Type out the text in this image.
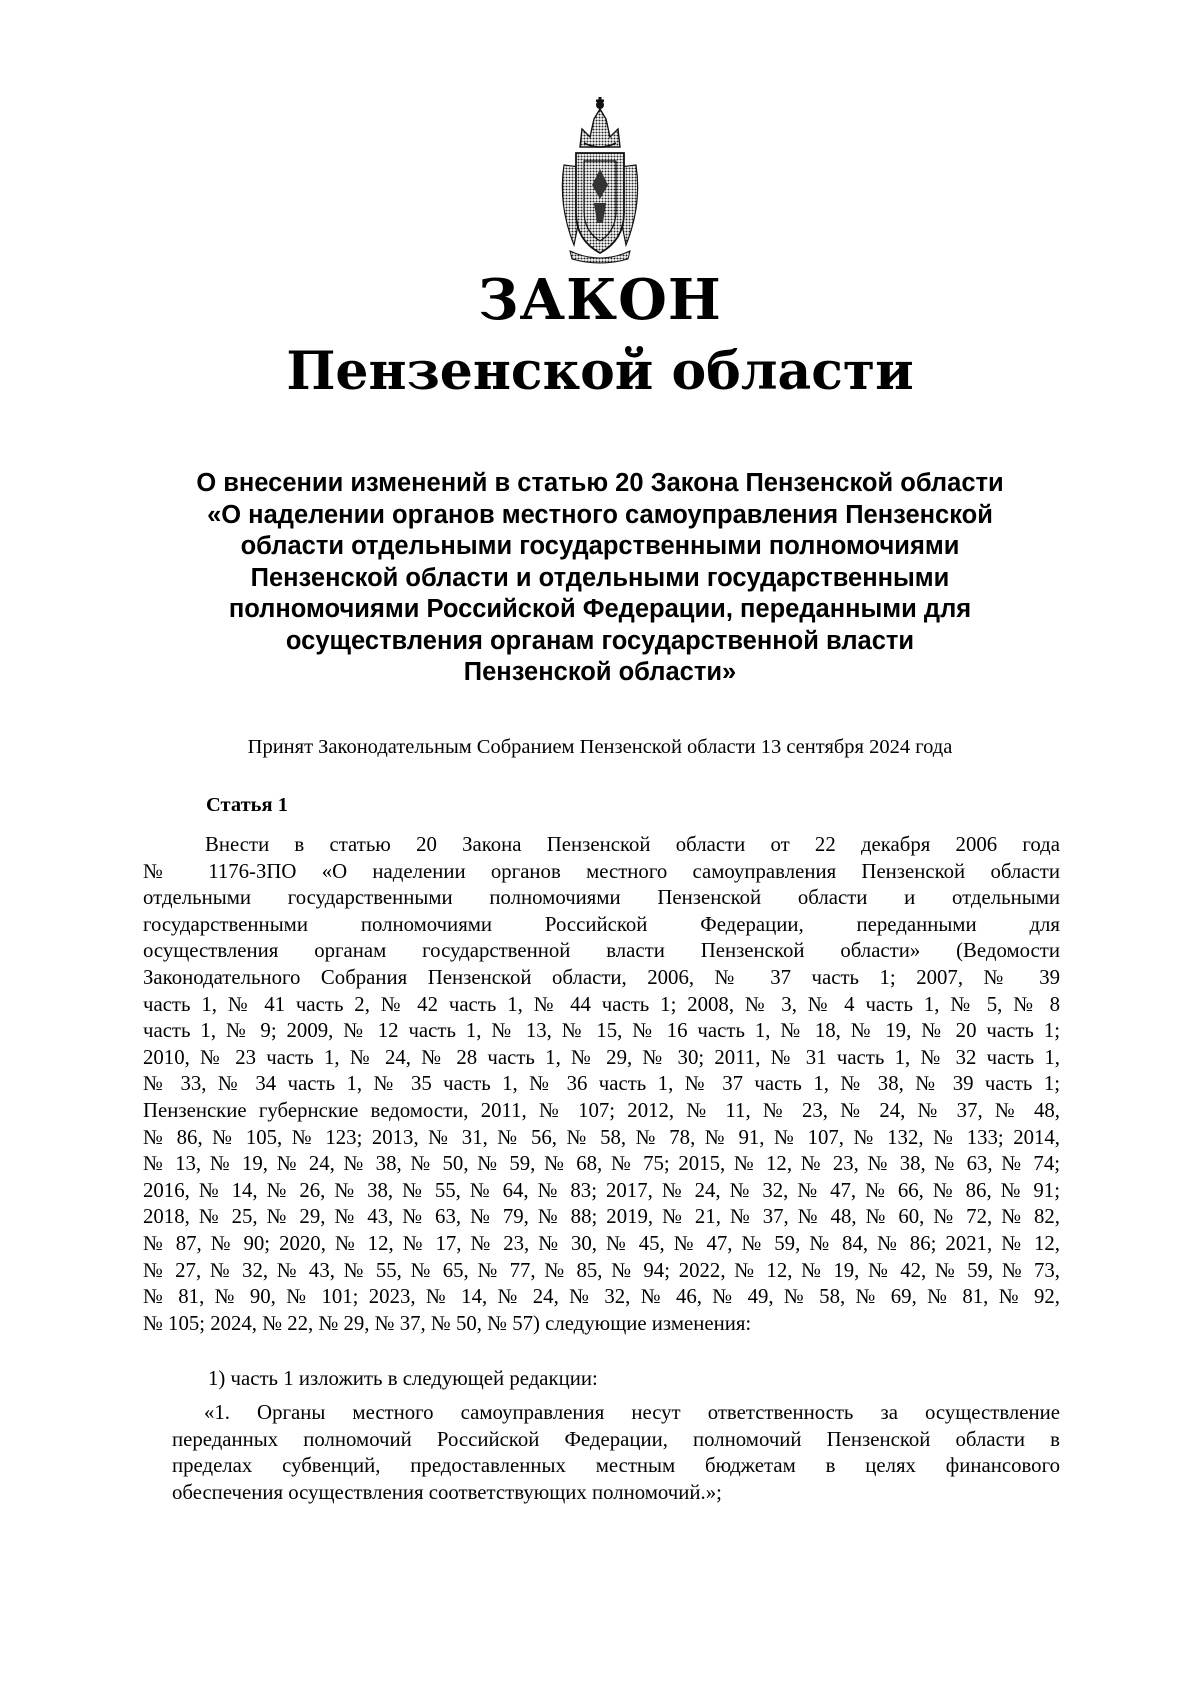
ЗАКОН
Пензенской области
О внесении изменений в статью 20 Закона Пензенской области
«О наделении органов местного самоуправления Пензенской
области отдельными государственными полномочиями
Пензенской области и отдельными государственными
полномочиями Российской Федерации, переданными для
осуществления органам государственной власти
Пензенской области»
Принят Законодательным Собранием Пензенской области 13 сентября 2024 года
Статья 1
Внести в статью 20 Закона Пензенской области от 22 декабря 2006 года
№ 1176-ЗПО «О наделении органов местного самоуправления Пензенской области
отдельными государственными полномочиями Пензенской области и отдельными
государственными полномочиями Российской Федерации, переданными для
осуществления органам государственной власти Пензенской области» (Ведомости
Законодательного Собрания Пензенской области, 2006, № 37 часть 1; 2007, № 39
часть 1, № 41 часть 2, № 42 часть 1, № 44 часть 1; 2008, № 3, № 4 часть 1, № 5, № 8
часть 1, № 9; 2009, № 12 часть 1, № 13, № 15, № 16 часть 1, № 18, № 19, № 20 часть 1;
2010, № 23 часть 1, № 24, № 28 часть 1, № 29, № 30; 2011, № 31 часть 1, № 32 часть 1,
№ 33, № 34 часть 1, № 35 часть 1, № 36 часть 1, № 37 часть 1, № 38, № 39 часть 1;
Пензенские губернские ведомости, 2011, № 107; 2012, № 11, № 23, № 24, № 37, № 48,
№ 86, № 105, № 123; 2013, № 31, № 56, № 58, № 78, № 91, № 107, № 132, № 133; 2014,
№ 13, № 19, № 24, № 38, № 50, № 59, № 68, № 75; 2015, № 12, № 23, № 38, № 63, № 74;
2016, № 14, № 26, № 38, № 55, № 64, № 83; 2017, № 24, № 32, № 47, № 66, № 86, № 91;
2018, № 25, № 29, № 43, № 63, № 79, № 88; 2019, № 21, № 37, № 48, № 60, № 72, № 82,
№ 87, № 90; 2020, № 12, № 17, № 23, № 30, № 45, № 47, № 59, № 84, № 86; 2021, № 12,
№ 27, № 32, № 43, № 55, № 65, № 77, № 85, № 94; 2022, № 12, № 19, № 42, № 59, № 73,
№ 81, № 90, № 101; 2023, № 14, № 24, № 32, № 46, № 49, № 58, № 69, № 81, № 92,
№ 105; 2024, № 22, № 29, № 37, № 50, № 57) следующие изменения:
1) часть 1 изложить в следующей редакции:
«1. Органы местного самоуправления несут ответственность за осуществление
переданных полномочий Российской Федерации, полномочий Пензенской области в
пределах субвенций, предоставленных местным бюджетам в целях финансового
обеспечения осуществления соответствующих полномочий.»;
